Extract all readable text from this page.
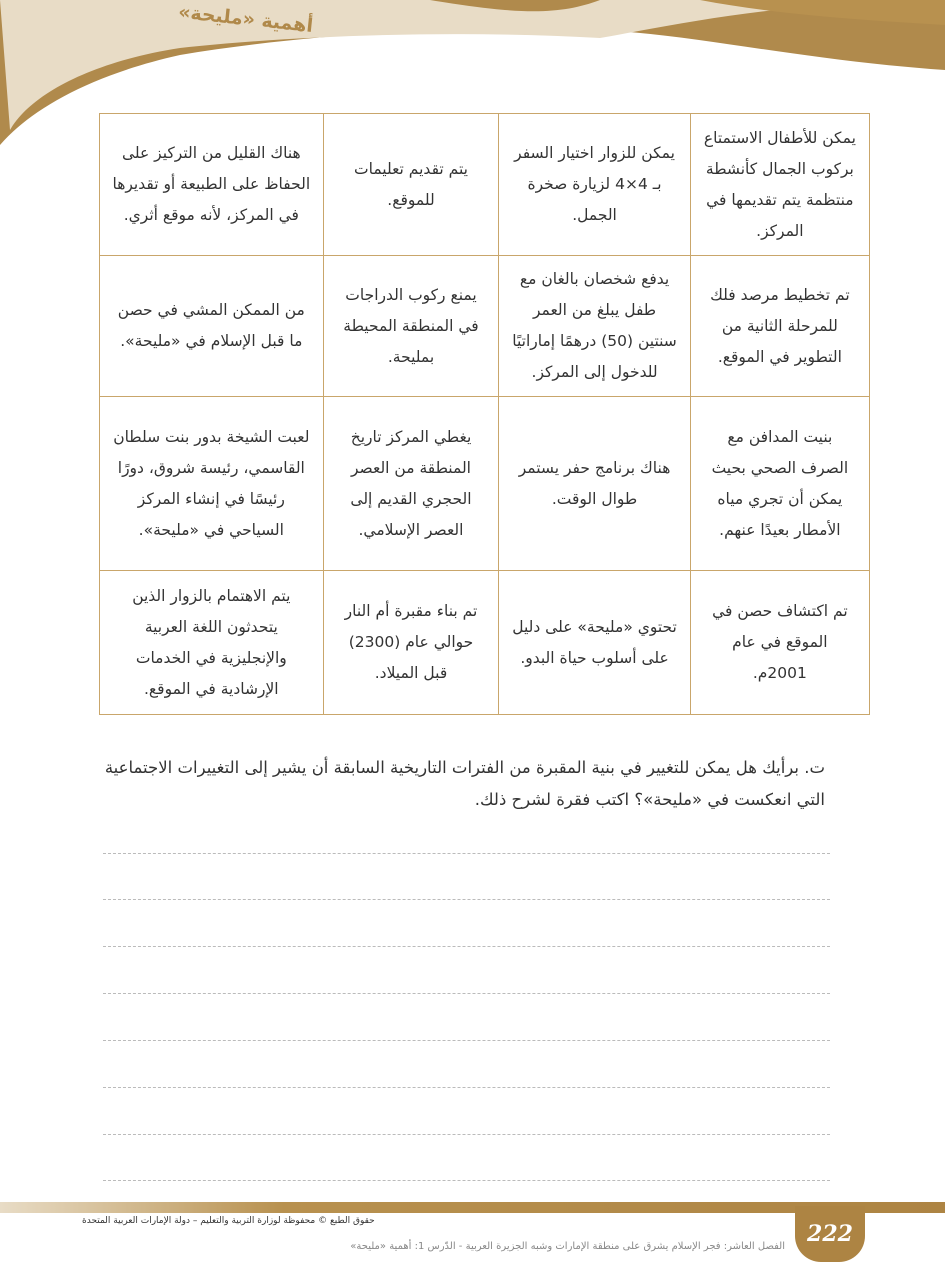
أهمية «مليحة»
يمكن للأطفال الاستمتاع بركوب الجمال كأنشطة منتظمة يتم تقديمها في المركز.	يمكن للزوار اختيار السفر بـ 4×4 لزيارة صخرة الجمل.	يتم تقديم تعليمات للموقع.	هناك القليل من التركيز على الحفاظ على الطبيعة أو تقديرها في المركز، لأنه موقع أثري.
تم تخطيط مرصد فلك للمرحلة الثانية من التطوير في الموقع.	يدفع شخصان بالغان مع طفل يبلغ من العمر سنتين (50) درهمًا إماراتيًا للدخول إلى المركز.	يمنع ركوب الدراجات في المنطقة المحيطة بمليحة.	من الممكن المشي في حصن ما قبل الإسلام في «مليحة».
بنيت المدافن مع الصرف الصحي بحيث يمكن أن تجري مياه الأمطار بعيدًا عنهم.	هناك برنامج حفر يستمر طوال الوقت.	يغطي المركز تاريخ المنطقة من العصر الحجري القديم إلى العصر الإسلامي.	لعبت الشيخة بدور بنت سلطان القاسمي، رئيسة شروق، دورًا رئيسًا في إنشاء المركز السياحي في «مليحة».
تم اكتشاف حصن في الموقع في عام 2001م.	تحتوي «مليحة» على دليل على أسلوب حياة البدو.	تم بناء مقبرة أم النار حوالي عام (2300) قبل الميلاد.	يتم الاهتمام بالزوار الذين يتحدثون اللغة العربية والإنجليزية في الخدمات الإرشادية في الموقع.
ت. برأيك هل يمكن للتغيير في بنية المقبرة من الفترات التاريخية السابقة أن يشير إلى التغييرات الاجتماعية التي انعكست في «مليحة»؟ اكتب فقرة لشرح ذلك.
222
حقوق الطبع © محفوظة لوزارة التربية والتعليم – دولة الإمارات العربية المتحدة
الفصل العاشر: فجر الإسلام يشرق على منطقة الإمارات وشبه الجزيرة العربية - الدّرس 1: أهمية «مليحة»
